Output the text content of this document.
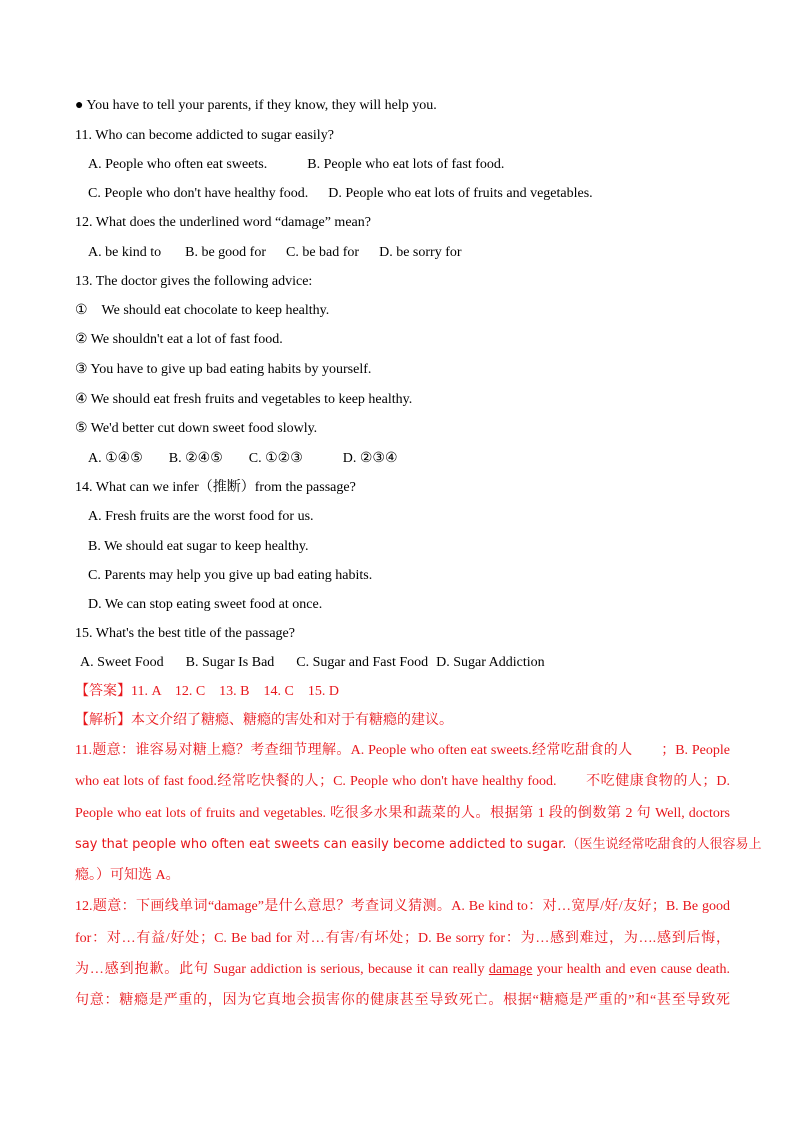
● You have to tell your parents, if they know, they will help you.
11. Who can become addicted to sugar easily?
A. People who often eat sweets.	B. People who eat lots of fast food.
C. People who don't have healthy food. D. People who eat lots of fruits and vegetables.
12. What does the underlined word “damage” mean?
A. be kind to B. be good for C. be bad for D. be sorry for
13. The doctor gives the following advice:
①　We should eat chocolate to keep healthy.
② We shouldn't eat a lot of fast food.
③ You have to give up bad eating habits by yourself.
④ We should eat fresh fruits and vegetables to keep healthy.
⑤ We'd better cut down sweet food slowly.
A. ①④⑤ B. ②④⑤ C. ①②③	D. ②③④
14. What can we infer（推断）from the passage?
A. Fresh fruits are the worst food for us.
B. We should eat sugar to keep healthy.
C. Parents may help you give up bad eating habits.
D. We can stop eating sweet food at once.
15. What's the best title of the passage?
A. Sweet Food B. Sugar Is Bad C. Sugar and Fast Food D. Sugar Addiction
【答案】11. A　12. C　13. B　14. C　15. D
【解析】本文介绍了糖瘾、糖瘾的害处和对于有糖瘾的建议。
11.题意：谁容易对糖上瘾？考查细节理解。A. People who often eat sweets.经常吃甜食的人　　；B. People
who eat lots of fast food.经常吃快餐的人；C. People who don't have healthy food.　　不吃健康食物的人；D.
People who eat lots of fruits and vegetables. 吃很多水果和蔬菜的人。根据第 1 段的倒数第 2 句 Well, doctors
say that people who often eat sweets can easily become addicted to sugar.（医生说经常吃甜食的人很容易上
瘾。）可知选 A。
12.题意：下画线单词“damage”是什么意思？考查词义猜测。A. Be kind to：对…宽厚/好/友好；B. Be good
for：对…有益/好处；C. Be bad for 对…有害/有坏处；D. Be sorry for：为…感到难过，为….感到后悔，
为…感到抱歉。此句 Sugar addiction is serious, because it can really damage your health and even cause death.
句意：糖瘾是严重的，因为它真地会损害你的健康甚至导致死亡。根据“糖瘾是严重的”和“甚至导致死
